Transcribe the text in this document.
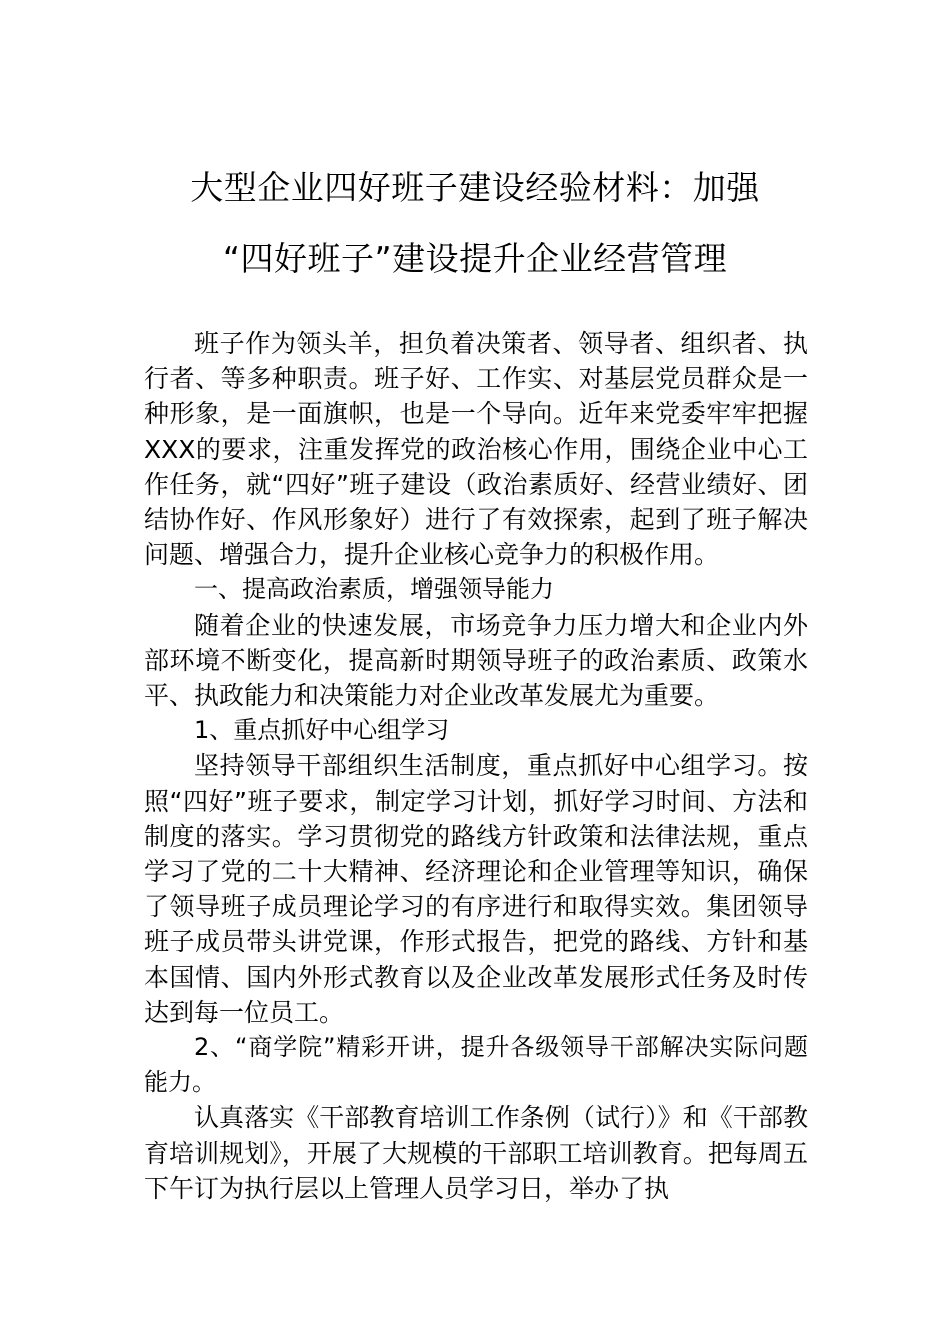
大型企业四好班子建设经验材料：加强
“四好班子”建设提升企业经营管理

班子作为领头羊，担负着决策者、领导者、组织者、执行者、等多种职责。班子好、工作实、对基层党员群众是一种形象，是一面旗帜，也是一个导向。近年来党委牢牢把握XXX的要求，注重发挥党的政治核心作用，围绕企业中心工作任务，就“四好”班子建设（政治素质好、经营业绩好、团结协作好、作风形象好）进行了有效探索，起到了班子解决问题、增强合力，提升企业核心竞争力的积极作用。

一、提高政治素质，增强领导能力

随着企业的快速发展，市场竞争力压力增大和企业内外部环境不断变化，提高新时期领导班子的政治素质、政策水平、执政能力和决策能力对企业改革发展尤为重要。

1、重点抓好中心组学习

坚持领导干部组织生活制度，重点抓好中心组学习。按照“四好”班子要求，制定学习计划，抓好学习时间、方法和制度的落实。学习贯彻党的路线方针政策和法律法规，重点学习了党的二十大精神、经济理论和企业管理等知识，确保了领导班子成员理论学习的有序进行和取得实效。集团领导班子成员带头讲党课，作形式报告，把党的路线、方针和基本国情、国内外形式教育以及企业改革发展形式任务及时传达到每一位员工。

2、“商学院”精彩开讲，提升各级领导干部解决实际问题能力。

认真落实《干部教育培训工作条例（试行）》和《干部教育培训规划》，开展了大规模的干部职工培训教育。把每周五下午订为执行层以上管理人员学习日，举办了执
